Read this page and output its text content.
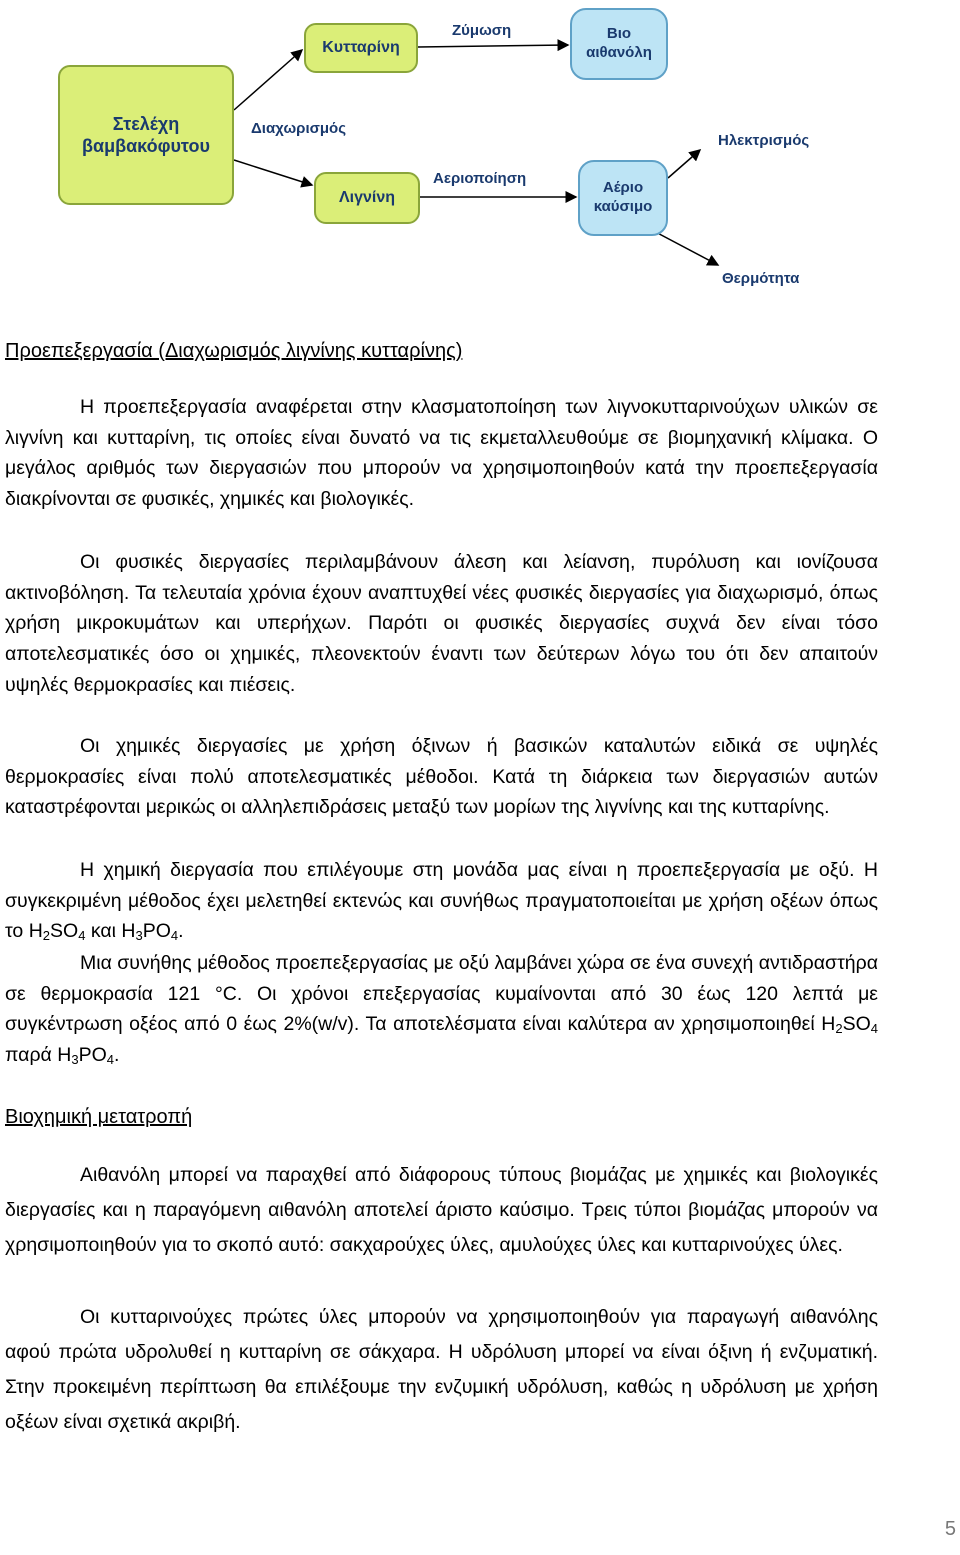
Στελέχη βαμβακόφυτου
Κυτταρίνη
Λιγνίνη
Βιο αιθανόλη
Αέριο καύσιμο
Διαχωρισμός
Ζύμωση
Αεριοποίηση
Ηλεκτρισμός
Θερμότητα
Προεπεξεργασία (Διαχωρισμός λιγνίνης κυτταρίνης)
Η προεπεξεργασία αναφέρεται στην κλασματοποίηση των λιγνοκυτταρινούχων υλικών σε λιγνίνη και κυτταρίνη, τις οποίες είναι δυνατό να τις εκμεταλλευθούμε σε βιομηχανική κλίμακα. Ο μεγάλος αριθμός των διεργασιών που μπορούν να χρησιμοποιηθούν κατά την προεπεξεργασία διακρίνονται σε φυσικές, χημικές και βιολογικές.
Οι φυσικές διεργασίες περιλαμβάνουν άλεση και λείανση, πυρόλυση και ιονίζουσα ακτινοβόληση. Τα τελευταία χρόνια έχουν αναπτυχθεί νέες φυσικές διεργασίες για διαχωρισμό, όπως χρήση μικροκυμάτων και υπερήχων. Παρότι οι φυσικές διεργασίες συχνά δεν είναι τόσο αποτελεσματικές όσο οι χημικές, πλεονεκτούν έναντι των δεύτερων λόγω του ότι δεν απαιτούν υψηλές θερμοκρασίες και πιέσεις.
Οι χημικές διεργασίες με χρήση όξινων ή βασικών καταλυτών ειδικά σε υψηλές θερμοκρασίες είναι πολύ αποτελεσματικές μέθοδοι. Κατά τη διάρκεια των διεργασιών αυτών καταστρέφονται μερικώς οι αλληλεπιδράσεις μεταξύ των μορίων της λιγνίνης και της κυτταρίνης.
Η χημική διεργασία που επιλέγουμε στη μονάδα μας είναι η προεπεξεργασία με οξύ. Η συγκεκριμένη μέθοδος έχει μελετηθεί εκτενώς και συνήθως πραγματοποιείται με χρήση οξέων όπως το $H_2SO_4$ και $H_3PO_4$.
Μια συνήθης μέθοδος προεπεξεργασίας με οξύ λαμβάνει χώρα σε ένα συνεχή αντιδραστήρα σε θερμοκρασία 121 °C. Οι χρόνοι επεξεργασίας κυμαίνονται από 30 έως 120 λεπτά με συγκέντρωση οξέος από 0 έως 2%(w/v). Τα αποτελέσματα είναι καλύτερα αν χρησιμοποιηθεί $H_2SO_4$ παρά $H_3PO_4$.
Βιοχημική μετατροπή
Αιθανόλη μπορεί να παραχθεί από διάφορους τύπους βιομάζας με χημικές και βιολογικές διεργασίες και η παραγόμενη αιθανόλη αποτελεί άριστο καύσιμο. Τρεις τύποι βιομάζας μπορούν να χρησιμοποιηθούν για το σκοπό αυτό: σακχαρούχες ύλες, αμυλούχες ύλες και κυτταρινούχες ύλες.
Οι κυτταρινούχες πρώτες ύλες μπορούν να χρησιμοποιηθούν για παραγωγή αιθανόλης αφού πρώτα υδρολυθεί η κυτταρίνη σε σάκχαρα. Η υδρόλυση μπορεί να είναι όξινη ή ενζυματική. Στην προκειμένη περίπτωση θα επιλέξουμε την ενζυμική υδρόλυση, καθώς η υδρόλυση με χρήση οξέων είναι σχετικά ακριβή.
5
